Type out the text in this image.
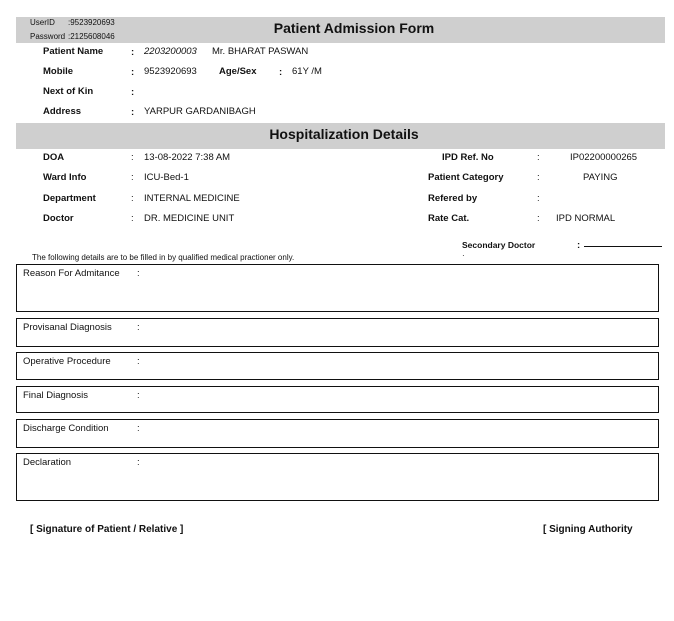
UserID :9523920693
Password :2125608046
Patient Admission Form
Patient Name	: 2203200003 Mr. BHARAT PASWAN
Mobile	: 9523920693 Age/Sex : 61Y /M
Next of Kin	:
Address	: YARPUR GARDANIBAGH
Hospitalization Details
DOA	: 13-08-2022 7:38 AM
Ward Info	: ICU-Bed-1
Department	: INTERNAL MEDICINE
Doctor	: DR. MEDICINE UNIT
IPD Ref. No	:	IP02200000265
Patient Category	:	PAYING
Refered by	:
Rate Cat.	: IPD NORMAL
Secondary Doctor	:
·
The following details are to be filled in by qualified medical practioner only.
Reason For Admitance :
Provisanal Diagnosis	:
Operative Procedure	:
Final Diagnosis	:
Discharge Condition	:
Declaration	:
[ Signature of Patient / Relative ]	[ Signing Authority
